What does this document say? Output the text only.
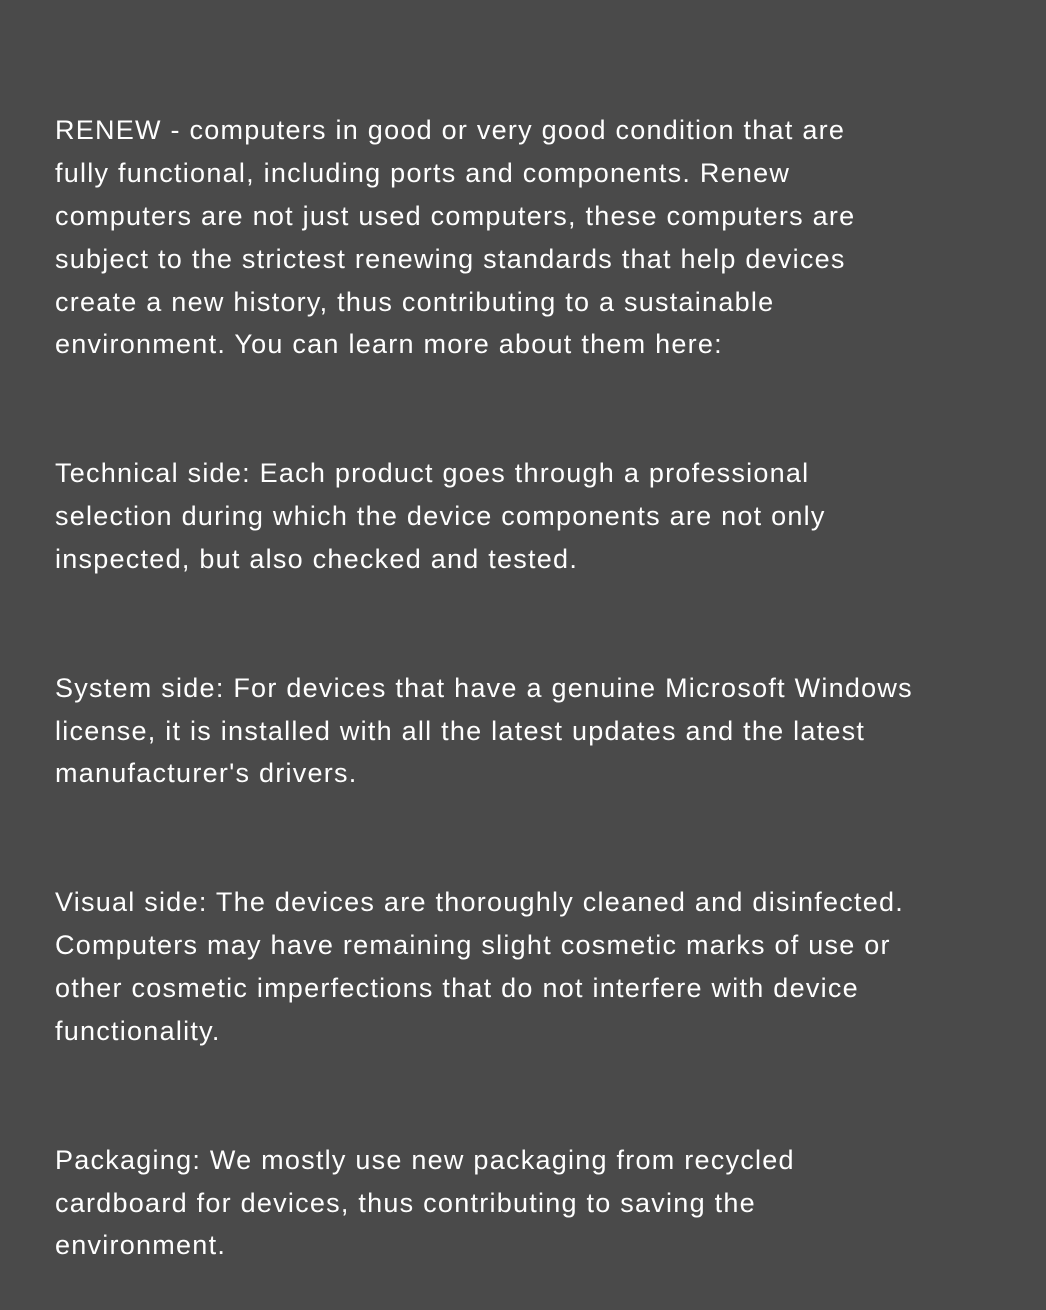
RENEW - computers in good or very good condition that are
fully functional, including ports and components. Renew
computers are not just used computers, these computers are
subject to the strictest renewing standards that help devices
create a new history, thus contributing to a sustainable
environment. You can learn more about them here:

Technical side: Each product goes through a professional
selection during which the device components are not only
inspected, but also checked and tested.

System side: For devices that have a genuine Microsoft Windows
license, it is installed with all the latest updates and the latest
manufacturer's drivers.

Visual side: The devices are thoroughly cleaned and disinfected.
Computers may have remaining slight cosmetic marks of use or
other cosmetic imperfections that do not interfere with device
functionality.

Packaging: We mostly use new packaging from recycled
cardboard for devices, thus contributing to saving the
environment.
